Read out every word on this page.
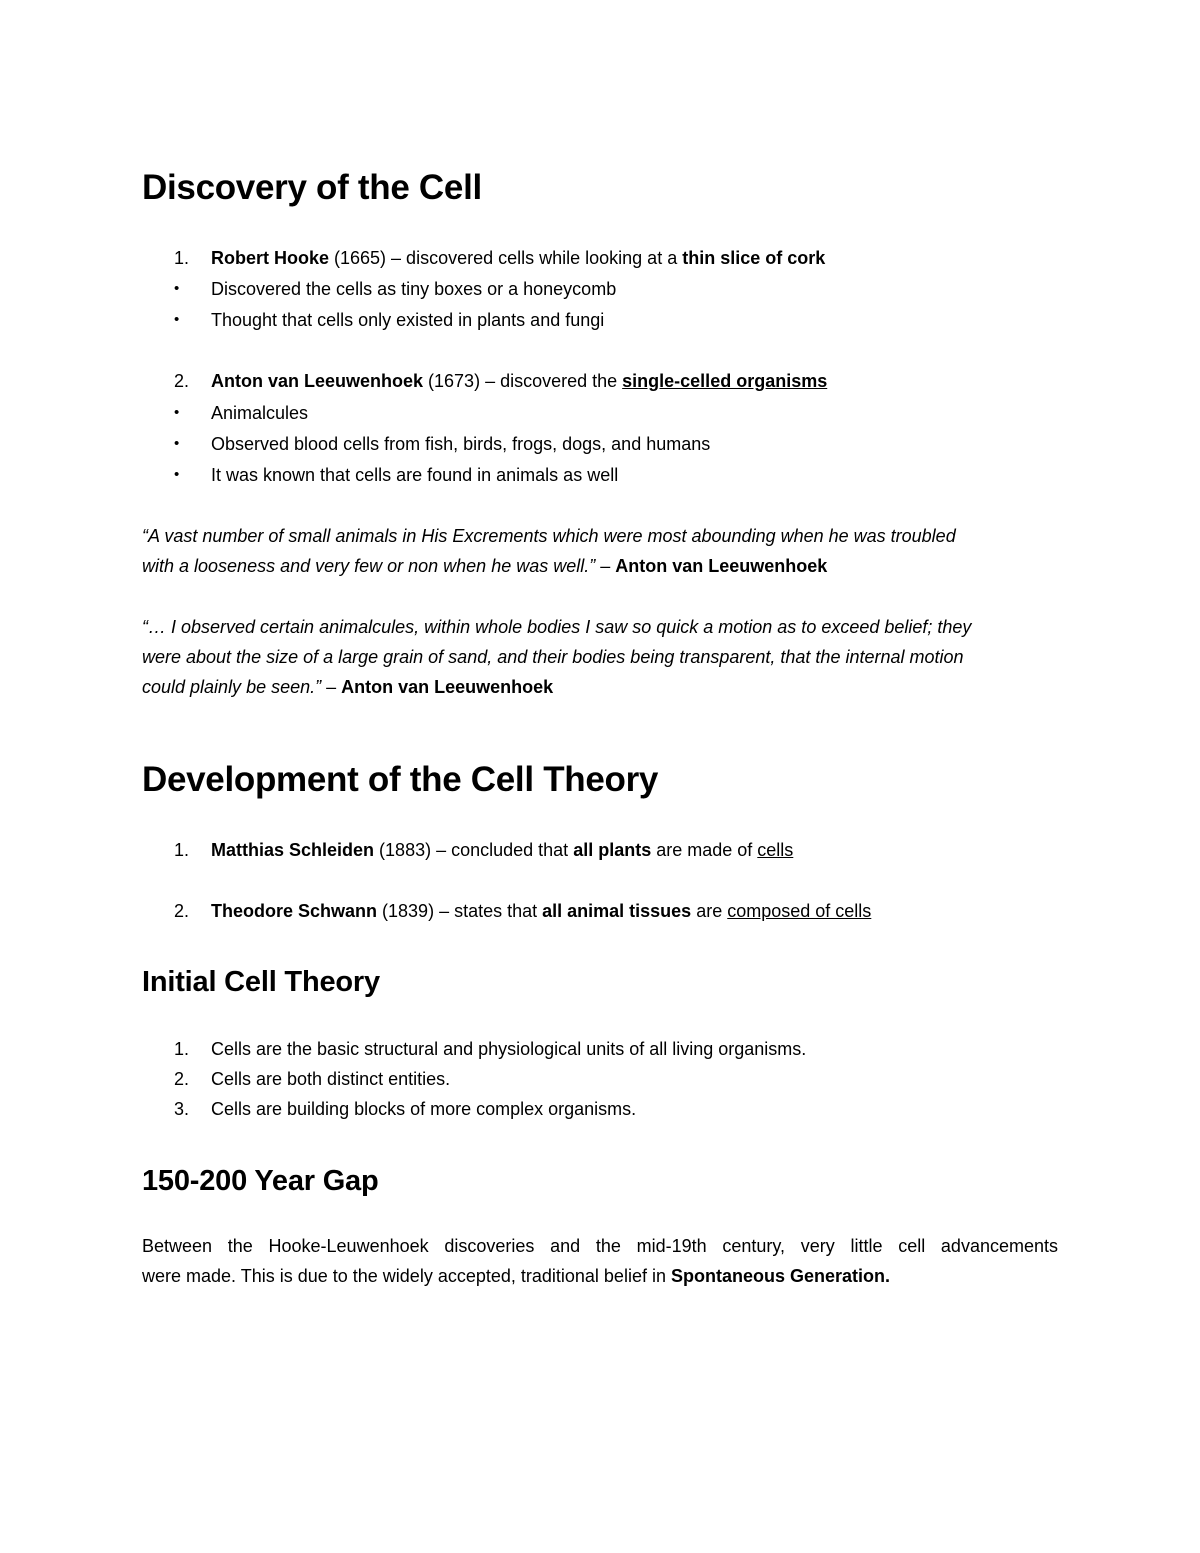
Discovery of the Cell
1. Robert Hooke (1665) – discovered cells while looking at a thin slice of cork
• Discovered the cells as tiny boxes or a honeycomb
• Thought that cells only existed in plants and fungi
2. Anton van Leeuwenhoek (1673) – discovered the single-celled organisms
• Animalcules
• Observed blood cells from fish, birds, frogs, dogs, and humans
• It was known that cells are found in animals as well
“A vast number of small animals in His Excrements which were most abounding when he was troubled
with a looseness and very few or non when he was well.” – Anton van Leeuwenhoek
“… I observed certain animalcules, within whole bodies I saw so quick a motion as to exceed belief; they
were about the size of a large grain of sand, and their bodies being transparent, that the internal motion
could plainly be seen.” – Anton van Leeuwenhoek
Development of the Cell Theory
1. Matthias Schleiden (1883) – concluded that all plants are made of cells
2. Theodore Schwann (1839) – states that all animal tissues are composed of cells
Initial Cell Theory
1. Cells are the basic structural and physiological units of all living organisms.
2. Cells are both distinct entities.
3. Cells are building blocks of more complex organisms.
150-200 Year Gap
Between the Hooke-Leuwenhoek discoveries and the mid-19th century, very little cell advancements
were made. This is due to the widely accepted, traditional belief in Spontaneous Generation.
